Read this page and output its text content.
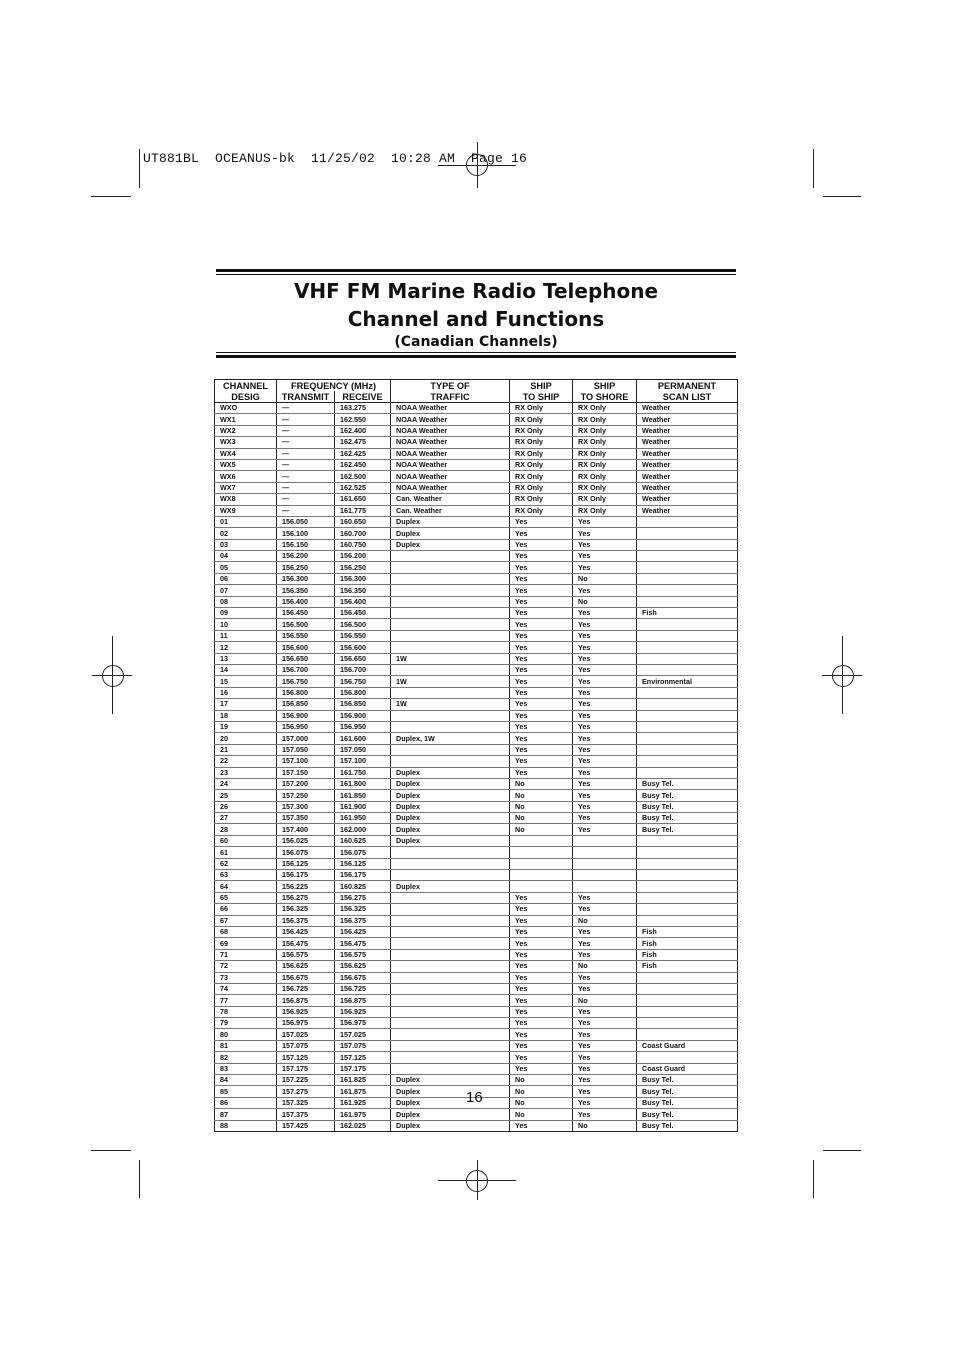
UT881BL  OCEANUS-bk  11/25/02  10:28 AM  Page 16
VHF FM Marine Radio Telephone
Channel and Functions
(Canadian Channels)
CHANNEL	FREQUENCY (MHz)		TYPE OF	SHIP	SHIP	PERMANENT
DESIG	TRANSMIT	RECEIVE	TRAFFIC	TO SHIP	TO SHORE	SCAN LIST
WXO	—	163.275	NOAA Weather	RX Only	RX Only	Weather
WX1	—	162.550	NOAA Weather	RX Only	RX Only	Weather
WX2	—	162.400	NOAA Weather	RX Only	RX Only	Weather
WX3	—	162.475	NOAA Weather	RX Only	RX Only	Weather
WX4	—	162.425	NOAA Weather	RX Only	RX Only	Weather
WX5	—	162.450	NOAA Weather	RX Only	RX Only	Weather
WX6	—	162.500	NOAA Weather	RX Only	RX Only	Weather
WX7	—	162.525	NOAA Weather	RX Only	RX Only	Weather
WX8	—	161.650	Can. Weather	RX Only	RX Only	Weather
WX9	—	161.775	Can. Weather	RX Only	RX Only	Weather
01	156.050	160.650	Duplex	Yes	Yes	
02	156.100	160.700	Duplex	Yes	Yes	
03	156.150	160.750	Duplex	Yes	Yes	
04	156.200	156.200		Yes	Yes	
05	156.250	156.250		Yes	Yes	
06	156.300	156.300		Yes	No	
07	156.350	156.350		Yes	Yes	
08	156.400	156.400		Yes	No	
09	156.450	156.450		Yes	Yes	Fish
10	156.500	156.500		Yes	Yes	
11	156.550	156.550		Yes	Yes	
12	156.600	156.600		Yes	Yes	
13	156.650	156.650	1W	Yes	Yes	
14	156.700	156.700		Yes	Yes	
15	156.750	156.750	1W	Yes	Yes	Environmental
16	156.800	156.800		Yes	Yes	
17	156.850	156.850	1W	Yes	Yes	
18	156.900	156.900		Yes	Yes	
19	156.950	156.950		Yes	Yes	
20	157.000	161.600	Duplex, 1W	Yes	Yes	
21	157.050	157.050		Yes	Yes	
22	157.100	157.100		Yes	Yes	
23	157.150	161.750	Duplex	Yes	Yes	
24	157.200	161.800	Duplex	No	Yes	Busy Tel.
25	157.250	161.850	Duplex	No	Yes	Busy Tel.
26	157.300	161.900	Duplex	No	Yes	Busy Tel.
27	157.350	161.950	Duplex	No	Yes	Busy Tel.
28	157.400	162.000	Duplex	No	Yes	Busy Tel.
60	156.025	160.625	Duplex			
61	156.075	156.075				
62	156.125	156.125				
63	156.175	156.175				
64	156.225	160.825	Duplex			
65	156.275	156.275		Yes	Yes	
66	156.325	156.325		Yes	Yes	
67	156.375	156.375		Yes	No	
68	156.425	156.425		Yes	Yes	Fish
69	156.475	156.475		Yes	Yes	Fish
71	156.575	156.575		Yes	Yes	Fish
72	156.625	156.625		Yes	No	Fish
73	156.675	156.675		Yes	Yes	
74	156.725	156.725		Yes	Yes	
77	156.875	156.875		Yes	No	
78	156.925	156.925		Yes	Yes	
79	156.975	156.975		Yes	Yes	
80	157.025	157.025		Yes	Yes	
81	157.075	157.075		Yes	Yes	Coast Guard
82	157.125	157.125		Yes	Yes	
83	157.175	157.175		Yes	Yes	Coast Guard
84	157.225	161.825	Duplex	No	Yes	Busy Tel.
85	157.275	161.875	Duplex	No	Yes	Busy Tel.
86	157.325	161.925	Duplex	No	Yes	Busy Tel.
87	157.375	161.975	Duplex	No	Yes	Busy Tel.
88	157.425	162.025	Duplex	Yes	No	Busy Tel.
16
